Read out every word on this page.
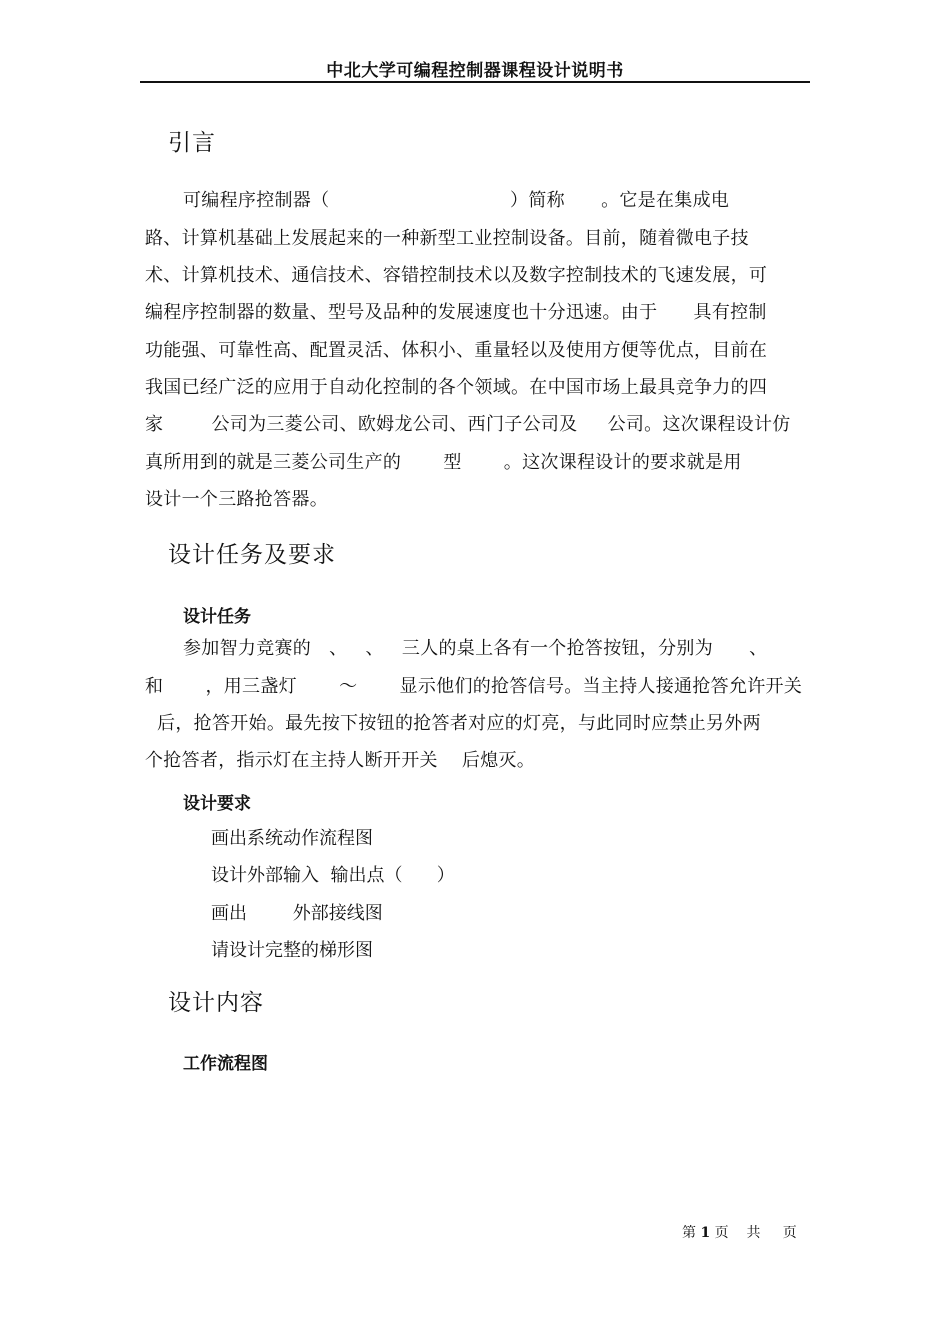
中北大学可编程控制器课程设计说明书
引言
可编程序控制器（                              ）简称      。它是在集成电
路、计算机基础上发展起来的一种新型工业控制设备。目前，随着微电子技
术、计算机技术、通信技术、容错控制技术以及数字控制技术的飞速发展，可
编程序控制器的数量、型号及品种的发展速度也十分迅速。由于      具有控制
功能强、可靠性高、配置灵活、体积小、重量轻以及使用方便等优点，目前在
我国已经广泛的应用于自动化控制的各个领域。在中国市场上最具竞争力的四
家        公司为三菱公司、欧姆龙公司、西门子公司及     公司。这次课程设计仿
真所用到的就是三菱公司生产的       型       。这次课程设计的要求就是用
设计一个三路抢答器。
设计任务及要求
设计任务
参加智力竞赛的   、   、   三人的桌上各有一个抢答按钮，分别为      、
和       ，用三盏灯       ～       显示他们的抢答信号。当主持人接通抢答允许开关
后，抢答开始。最先按下按钮的抢答者对应的灯亮，与此同时应禁止另外两
个抢答者，指示灯在主持人断开开关    后熄灭。
设计要求
画出系统动作流程图
设计外部输入  输出点（      ）
画出        外部接线图
请设计完整的梯形图
设计内容
工作流程图
第 1 页    共     页
